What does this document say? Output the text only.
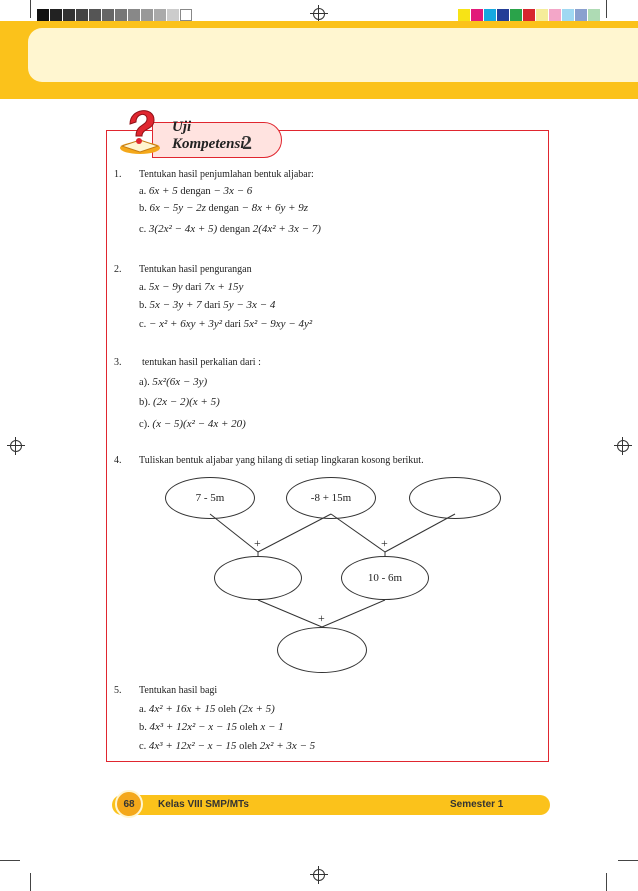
Uji
Kompetensi
2
1. Tentukan hasil penjumlahan bentuk aljabar:
a. 6x + 5 dengan − 3x − 6
b. 6x − 5y − 2z dengan − 8x + 6y + 9z
c. 3(2x² − 4x + 5) dengan 2(4x² + 3x − 7)
2. Tentukan hasil pengurangan
a. 5x − 9y dari 7x + 15y
b. 5x − 3y + 7 dari 5y − 3x − 4
c. − x² + 6xy + 3y² dari 5x² − 9xy − 4y²
3. tentukan hasil perkalian dari :
a). 5x²(6x − 3y)
b). (2x − 2)(x + 5)
c). (x − 5)(x² − 4x + 20)
4. Tuliskan bentuk aljabar yang hilang di setiap lingkaran kosong berikut.
7 - 5m	-8 + 15m
+	+
10 - 6m
+
5. Tentukan hasil bagi
a. 4x² + 16x + 15 oleh (2x + 5)
b. 4x³ + 12x² − x − 15 oleh x − 1
c. 4x³ + 12x² − x − 15 oleh 2x² + 3x − 5
68	Kelas VIII SMP/MTs	Semester 1
